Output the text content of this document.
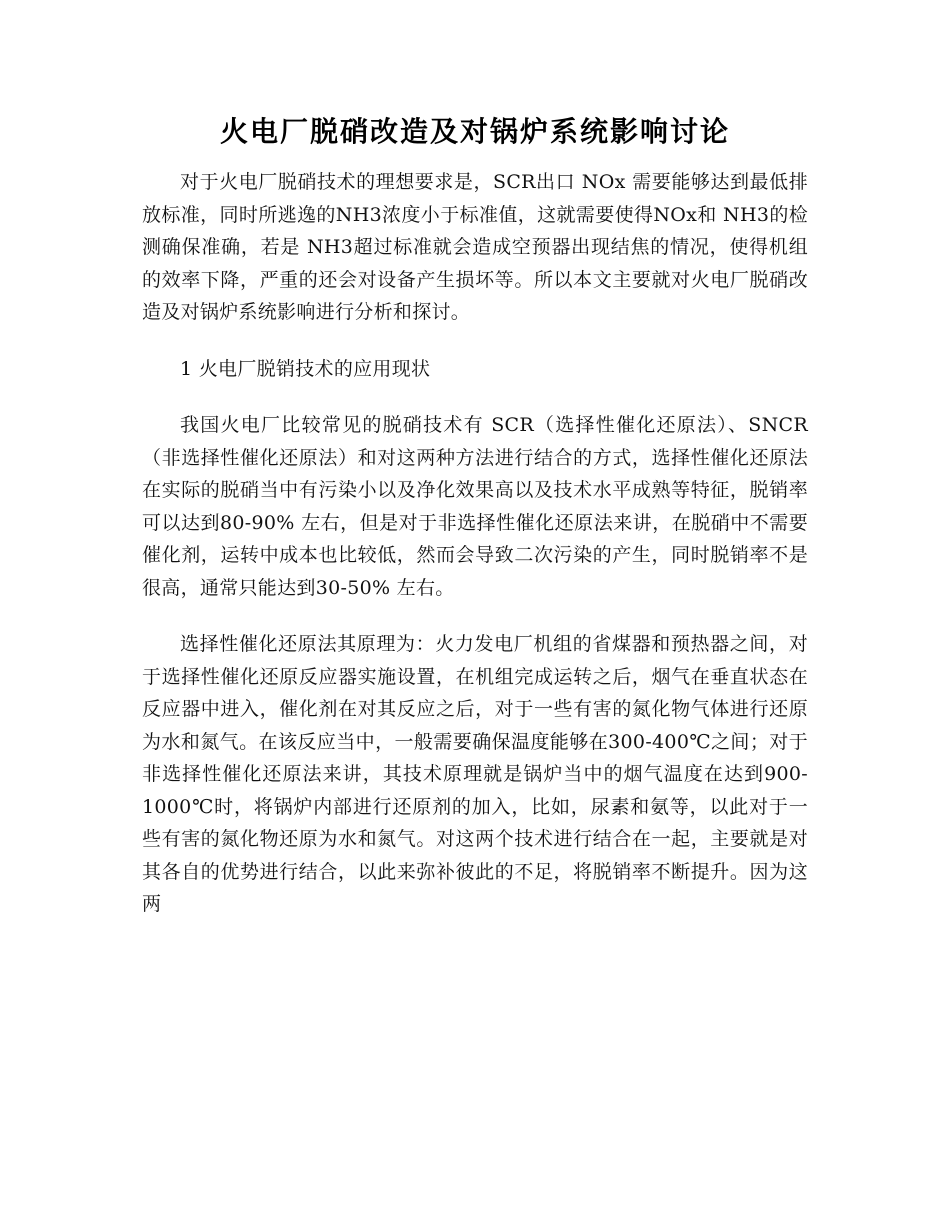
火电厂脱硝改造及对锅炉系统影响讨论

对于火电厂脱硝技术的理想要求是，SCR出口 NOx 需要能够达到最低排放标准，同时所逃逸的NH3浓度小于标准值，这就需要使得NOx和 NH3的检测确保准确，若是 NH3超过标准就会造成空预器出现结焦的情况，使得机组的效率下降，严重的还会对设备产生损坏等。所以本文主要就对火电厂脱硝改造及对锅炉系统影响进行分析和探讨。

1 火电厂脱销技术的应用现状

我国火电厂比较常见的脱硝技术有 SCR（选择性催化还原法）、SNCR（非选择性催化还原法）和对这两种方法进行结合的方式，选择性催化还原法在实际的脱硝当中有污染小以及净化效果高以及技术水平成熟等特征，脱销率可以达到80-90% 左右，但是对于非选择性催化还原法来讲，在脱硝中不需要催化剂，运转中成本也比较低，然而会导致二次污染的产生，同时脱销率不是很高，通常只能达到30-50% 左右。

选择性催化还原法其原理为：火力发电厂机组的省煤器和预热器之间，对于选择性催化还原反应器实施设置，在机组完成运转之后，烟气在垂直状态在反应器中进入，催化剂在对其反应之后，对于一些有害的氮化物气体进行还原为水和氮气。在该反应当中，一般需要确保温度能够在300-400℃之间；对于非选择性催化还原法来讲，其技术原理就是锅炉当中的烟气温度在达到900-1000℃时，将锅炉内部进行还原剂的加入，比如，尿素和氨等，以此对于一些有害的氮化物还原为水和氮气。对这两个技术进行结合在一起，主要就是对其各自的优势进行结合，以此来弥补彼此的不足，将脱销率不断提升。因为这两
